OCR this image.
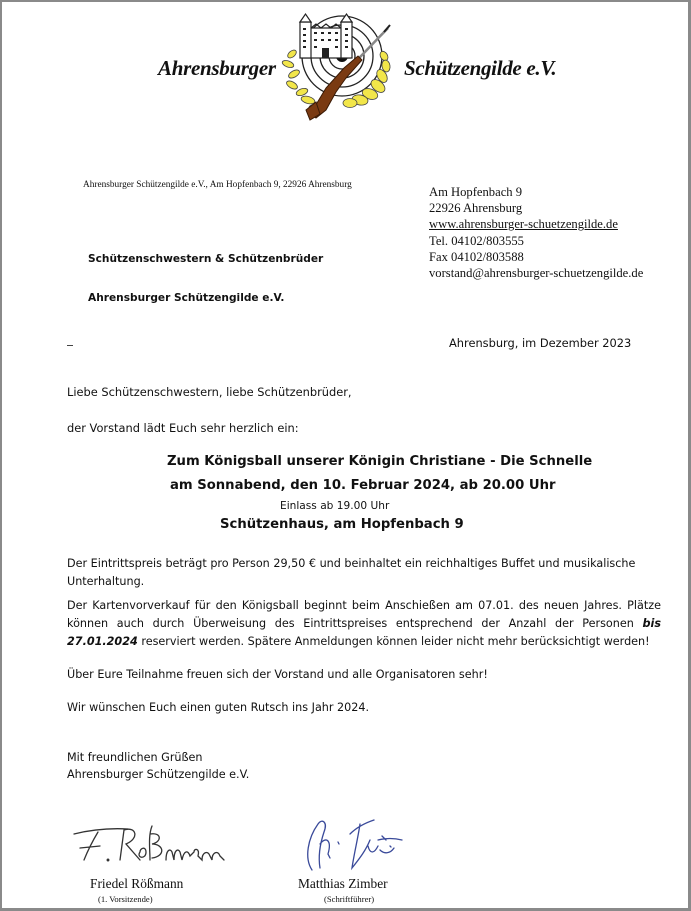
Ahrensburger	Schützengilde e.V.
Ahrensburger Schützengilde e.V., Am Hopfenbach 9, 22926 Ahrensburg	Am Hopfenbach 9
22926 Ahrensburg
www.ahrensburger-schuetzengilde.de
Tel. 04102/803555
Fax 04102/803588
vorstand@ahrensburger-schuetzengilde.de
Schützenschwestern & Schützenbrüder
Ahrensburger Schützengilde e.V.
Ahrensburg, im Dezember 2023
Liebe Schützenschwestern, liebe Schützenbrüder,
der Vorstand lädt Euch sehr herzlich ein:
Zum Königsball unserer Königin Christiane - Die Schnelle
am Sonnabend, den 10. Februar 2024, ab 20.00 Uhr
Einlass ab 19.00 Uhr
Schützenhaus, am Hopfenbach 9
Der Eintrittspreis beträgt pro Person 29,50 € und beinhaltet ein reichhaltiges Buffet und musikalische Unterhaltung.
Der Kartenvorverkauf für den Königsball beginnt beim Anschießen am 07.01. des neuen Jahres. Plätze können auch durch Überweisung des Eintrittspreises entsprechend der Anzahl der Personen bis 27.01.2024 reserviert werden. Spätere Anmeldungen können leider nicht mehr berücksichtigt werden!
Über Eure Teilnahme freuen sich der Vorstand und alle Organisatoren sehr!
Wir wünschen Euch einen guten Rutsch ins Jahr 2024.
Mit freundlichen Grüßen
Ahrensburger Schützengilde e.V.
Friedel Rößmann
(1. Vorsitzende)
Matthias Zimber
(Schriftführer)
